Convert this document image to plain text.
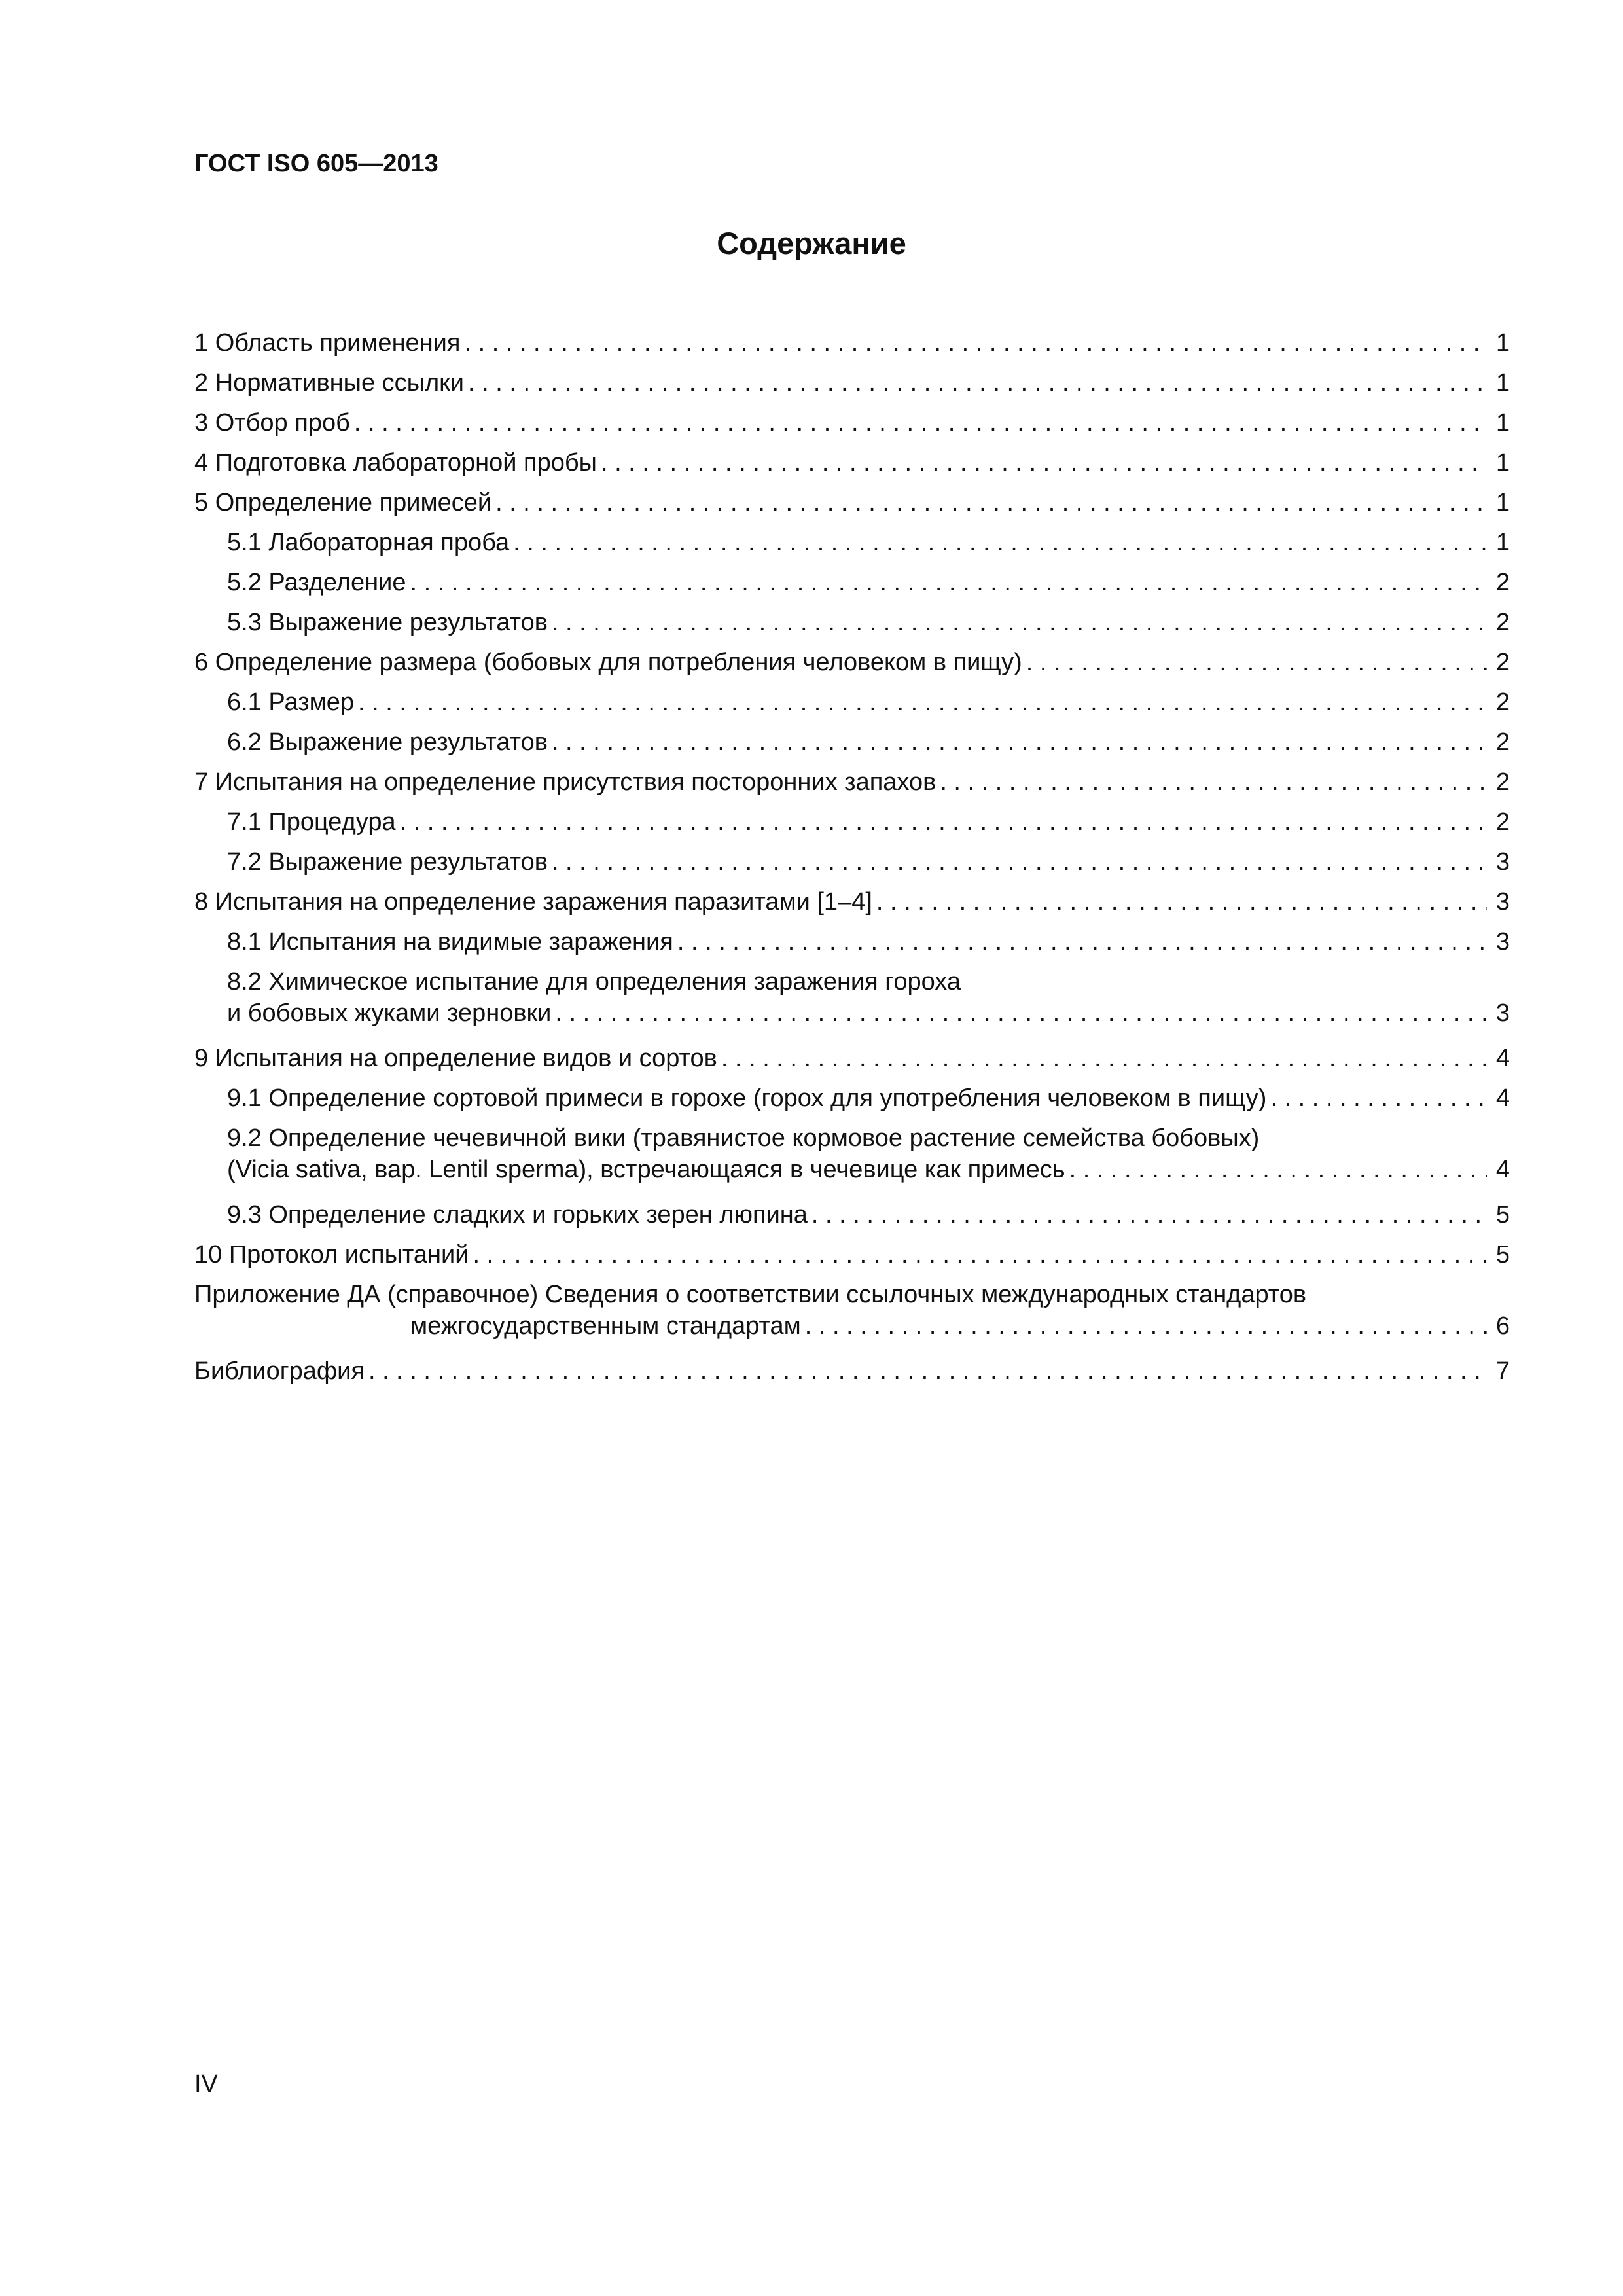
ГОСТ ISO 605—2013
Содержание
1 Область применения . . .	1
2 Нормативные ссылки . . .	1
3 Отбор проб . . .	1
4 Подготовка лабораторной пробы . . .	1
5 Определение примесей . . .	1
5.1 Лабораторная проба . . .	1
5.2 Разделение . . .	2
5.3 Выражение результатов . . .	2
6 Определение размера (бобовых для потребления человеком в пищу) . . .	2
6.1 Размер . . .	2
6.2 Выражение результатов . . .	2
7 Испытания на определение присутствия посторонних запахов . . .	2
7.1 Процедура . . .	2
7.2 Выражение результатов . . .	3
8 Испытания на определение заражения паразитами [1–4] . . .	3
8.1 Испытания на видимые заражения . . .	3
8.2 Химическое испытание для определения заражения гороха
и бобовых жуками зерновки . . .	3
9 Испытания на определение видов и сортов . . .	4
9.1 Определение сортовой примеси в горохе (горох для употребления человеком в пищу) . . .	4
9.2 Определение чечевичной вики (травянистое кормовое растение семейства бобовых)
(Vicia sativa, вар. Lentil sperma), встречающаяся в чечевице как примесь . . .	4
9.3 Определение сладких и горьких зерен люпина . . .	5
10 Протокол испытаний . . .	5
Приложение ДА (справочное) Сведения о соответствии ссылочных международных стандартов
межгосударственным стандартам . . .	6
Библиография . . .	7
IV
